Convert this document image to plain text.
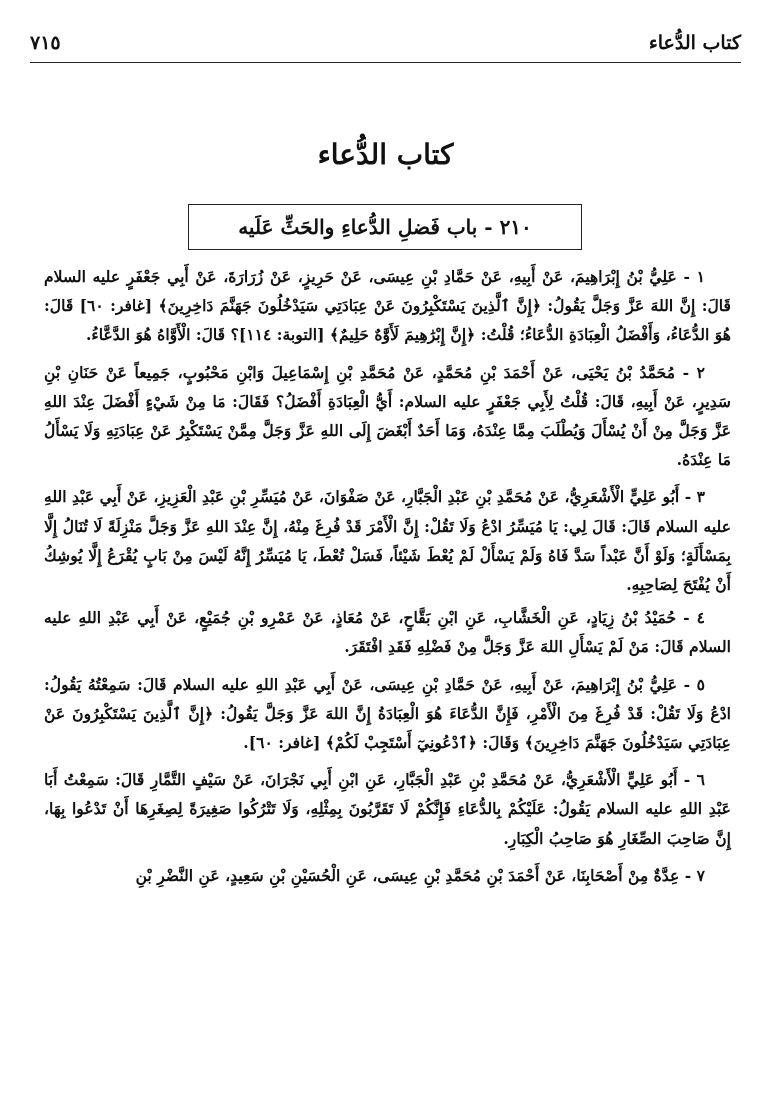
كتاب الدُّعاء
٧١٥
كتاب الدُّعاء
٢١٠ - باب فَضلِ الدُّعاءِ والحَثِّ عَلَيه

١ - عَلِيُّ بْنُ إِبْرَاهِيمَ، عَنْ أَبِيهِ، عَنْ حَمَّادِ بْنِ عِيسَى، عَنْ حَرِيزٍ، عَنْ زُرَارَةَ، عَنْ أَبِي جَعْفَرٍ عليه السلام قَالَ: إِنَّ اللهَ عَزَّ وَجَلَّ يَقُولُ: ﴿إِنَّ ٱلَّذِينَ يَسْتَكْبِرُونَ عَنْ عِبَادَتِي سَيَدْخُلُونَ جَهَنَّمَ دَاخِرِينَ﴾ [غافر: ٦٠] قَالَ: هُوَ الدُّعَاءُ، وَأَفْضَلُ الْعِبَادَةِ الدُّعَاءُ؛ قُلْتُ: ﴿إِنَّ إِبْرَٰهِيمَ لَأَوَّٰهٌ حَلِيمٌ﴾ [التوبة: ١١٤]؟ قَالَ: الْأَوَّاهُ هُوَ الدَّعَّاءُ.

٢ - مُحَمَّدُ بْنُ يَحْيَى، عَنْ أَحْمَدَ بْنِ مُحَمَّدٍ، عَنْ مُحَمَّدِ بْنِ إِسْمَاعِيلَ وَابْنِ مَحْبُوبٍ، جَمِيعاً عَنْ حَنَانِ بْنِ سَدِيرٍ، عَنْ أَبِيهِ، قَالَ: قُلْتُ لِأَبِي جَعْفَرٍ عليه السلام: أَيُّ الْعِبَادَةِ أَفْضَلُ؟ فَقَالَ: مَا مِنْ شَيْءٍ أَفْضَلَ عِنْدَ اللهِ عَزَّ وَجَلَّ مِنْ أَنْ يُسْأَلَ وَيُطْلَبَ مِمَّا عِنْدَهُ، وَمَا أَحَدٌ أَبْغَضَ إِلَى اللهِ عَزَّ وَجَلَّ مِمَّنْ يَسْتَكْبِرُ عَنْ عِبَادَتِهِ وَلَا يَسْأَلُ مَا عِنْدَهُ.

٣ - أَبُو عَلِيٍّ الْأَشْعَرِيُّ، عَنْ مُحَمَّدِ بْنِ عَبْدِ الْجَبَّارِ، عَنْ صَفْوَانَ، عَنْ مُيَسِّرِ بْنِ عَبْدِ الْعَزِيزِ، عَنْ أَبِي عَبْدِ اللهِ عليه السلام قَالَ: قَالَ لِي: يَا مُيَسِّرُ ادْعُ وَلَا تَقُلْ: إِنَّ الْأَمْرَ قَدْ فُرِغَ مِنْهُ، إِنَّ عِنْدَ اللهِ عَزَّ وَجَلَّ مَنْزِلَةً لَا تُنَالُ إِلَّا بِمَسْأَلَةٍ؛ وَلَوْ أَنَّ عَبْداً سَدَّ فَاهُ وَلَمْ يَسْأَلْ لَمْ يُعْطَ شَيْئاً، فَسَلْ تُعْطَ، يَا مُيَسِّرُ إِنَّهُ لَيْسَ مِنْ بَابٍ يُقْرَعُ إِلَّا يُوشِكُ أَنْ يُفْتَحَ لِصَاحِبِهِ.

٤ - حُمَيْدُ بْنُ زِيَادٍ، عَنِ الْخَشَّابِ، عَنِ ابْنِ بَقَّاحٍ، عَنْ مُعَاذٍ، عَنْ عَمْرِو بْنِ جُمَيْعٍ، عَنْ أَبِي عَبْدِ اللهِ عليه السلام قَالَ: مَنْ لَمْ يَسْأَلِ اللهَ عَزَّ وَجَلَّ مِنْ فَضْلِهِ فَقَدِ افْتَقَرَ.

٥ - عَلِيُّ بْنُ إِبْرَاهِيمَ، عَنْ أَبِيهِ، عَنْ حَمَّادِ بْنِ عِيسَى، عَنْ أَبِي عَبْدِ اللهِ عليه السلام قَالَ: سَمِعْتُهُ يَقُولُ: ادْعُ وَلَا تَقُلْ: قَدْ فُرِغَ مِنَ الْأَمْرِ، فَإِنَّ الدُّعَاءَ هُوَ الْعِبَادَةُ إِنَّ اللهَ عَزَّ وَجَلَّ يَقُولُ: ﴿إِنَّ ٱلَّذِينَ يَسْتَكْبِرُونَ عَنْ عِبَادَتِي سَيَدْخُلُونَ جَهَنَّمَ دَاخِرِينَ﴾ وَقَالَ: ﴿ٱدْعُونِيٓ أَسْتَجِبْ لَكُمْ﴾ [غافر: ٦٠].

٦ - أَبُو عَلِيٍّ الْأَشْعَرِيُّ، عَنْ مُحَمَّدِ بْنِ عَبْدِ الْجَبَّارِ، عَنِ ابْنِ أَبِي نَجْرَانَ، عَنْ سَيْفٍ التَّمَّارِ قَالَ: سَمِعْتُ أَبَا عَبْدِ اللهِ عليه السلام يَقُولُ: عَلَيْكُمْ بِالدُّعَاءِ فَإِنَّكُمْ لَا تَقَرَّبُونَ بِمِثْلِهِ، وَلَا تَتْرُكُوا صَغِيرَةً لِصِغَرِهَا أَنْ تَدْعُوا بِهَا، إِنَّ صَاحِبَ الصِّغَارِ هُوَ صَاحِبُ الْكِبَارِ.

٧ - عِدَّةٌ مِنْ أَصْحَابِنَا، عَنْ أَحْمَدَ بْنِ مُحَمَّدِ بْنِ عِيسَى، عَنِ الْحُسَيْنِ بْنِ سَعِيدٍ، عَنِ النَّضْرِ بْنِ
